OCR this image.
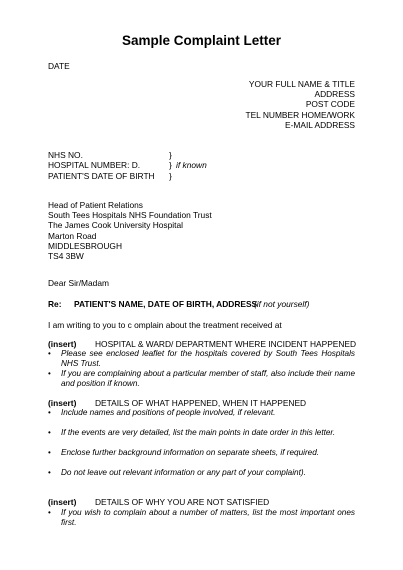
Sample Complaint Letter
DATE
YOUR FULL NAME & TITLE
ADDRESS
POST CODE
TEL NUMBER HOME/WORK
E-MAIL ADDRESS
NHS NO.	}
HOSPITAL NUMBER: D.	} if known
PATIENT'S DATE OF BIRTH }
Head of Patient Relations
South Tees Hospitals NHS Foundation Trust
The James Cook University Hospital
Marton Road
MIDDLESBROUGH
TS4 3BW
Dear Sir/Madam
Re: PATIENT'S NAME, DATE OF BIRTH, ADDRESS
(if not yourself)
I am writing to you to c omplain about the treatment received at
(insert) HOSPITAL & WARD/ DEPARTMENT WHERE INCIDENT HAPPENED
• Please see enclosed leaflet for the hospitals covered by South Tees Hospitals
NHS Trust.
• If you are complaining about a particular member of staff, also include their name
and position if known.
(insert) DETAILS OF WHAT HAPPENED, WHEN IT HAPPENED
• Include names and positions of people involved, if relevant.
• If the events are very detailed, list the main points in date order in this letter.
• Enclose further background information on separate sheets, if required.
• Do not leave out relevant information or any part of your complaint).
(insert) DETAILS OF WHY YOU ARE NOT SATISFIED
• If you wish to complain about a number of matters, list the most important ones
first.
